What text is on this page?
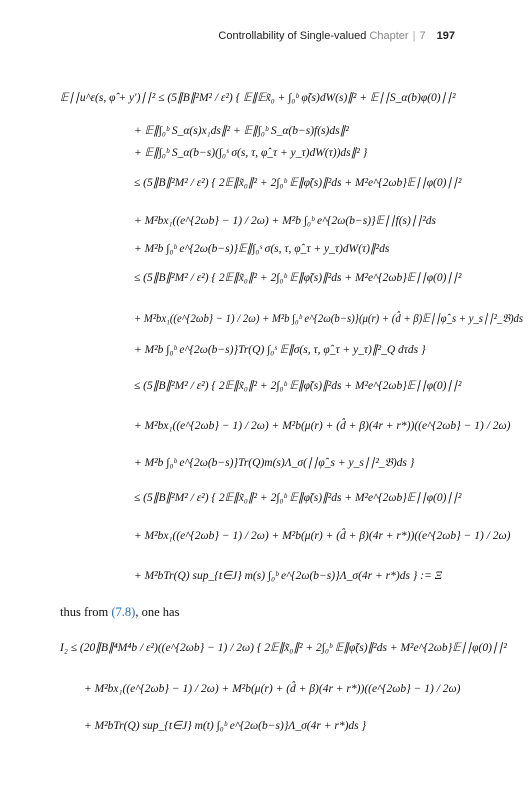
Controllability of Single-valued Chapter | 7 197
𝔼∣∣u^ε(s, φ̂ + y′)∣∣² ≤ (5∥B∥²M² / ε²) { 𝔼∥𝔼x̃₀ + ∫₀ᵇ φ̃(s)dW(s)∥² + 𝔼∣∣S_α(b)φ(0)∣∣²
+ 𝔼∥∫₀ᵇ S_α(s)x₁ds∥² + 𝔼∥∫₀ᵇ S_α(b−s)f(s)ds∥²
+ 𝔼∥∫₀ᵇ S_α(b−s)(∫₀ˢ σ(s, τ, φ̂_τ + y_τ)dW(τ))ds∥² }
≤ (5∥B∥²M² / ε²) { 2𝔼∥x̃₀∥² + 2∫₀ᵇ 𝔼∥φ̃(s)∥²ds + M²e^{2ωb}𝔼∣∣φ(0)∣∣²
+ M²bx₁((e^{2ωb} − 1) / 2ω) + M²b ∫₀ᵇ e^{2ω(b−s)}𝔼∣∣f(s)∣∣²ds
+ M²b ∫₀ᵇ e^{2ω(b−s)}𝔼∥∫₀ˢ σ(s, τ, φ̂_τ + y_τ)dW(τ)∥²ds
≤ (5∥B∥²M² / ε²) { 2𝔼∥x̃₀∥² + 2∫₀ᵇ 𝔼∥φ̃(s)∥²ds + M²e^{2ωb}𝔼∣∣φ(0)∣∣²
+ M²bx₁((e^{2ωb} − 1) / 2ω) + M²b ∫₀ᵇ e^{2ω(b−s)}(μ(r) + (d̂ + β)𝔼∣∣φ̂_s + y_s∣∣²_𝔅)ds
+ M²b ∫₀ᵇ e^{2ω(b−s)}Tr(Q) ∫₀ˢ 𝔼∥σ(s, τ, φ̂_τ + y_τ)∥²_Q dτds }
≤ (5∥B∥²M² / ε²) { 2𝔼∥x̃₀∥² + 2∫₀ᵇ 𝔼∥φ̃(s)∥²ds + M²e^{2ωb}𝔼∣∣φ(0)∣∣²
+ M²bx₁((e^{2ωb} − 1) / 2ω) + M²b(μ(r) + (d̂ + β)(4r + r*))((e^{2ωb} − 1) / 2ω)
+ M²b ∫₀ᵇ e^{2ω(b−s)}Tr(Q)m(s)Λ_σ(∣∣φ̂_s + y_s∣∣²_𝔅)ds }
≤ (5∥B∥²M² / ε²) { 2𝔼∥x̃₀∥² + 2∫₀ᵇ 𝔼∥φ̃(s)∥²ds + M²e^{2ωb}𝔼∣∣φ(0)∣∣²
+ M²bx₁((e^{2ωb} − 1) / 2ω) + M²b(μ(r) + (d̂ + β)(4r + r*))((e^{2ωb} − 1) / 2ω)
+ M²bTr(Q) sup_{t∈J} m(s) ∫₀ᵇ e^{2ω(b−s)}Λ_σ(4r + r*)ds } := Ξ
thus from (7.8), one has
I₂ ≤ (20∥B∥⁴M⁴b / ε²)((e^{2ωb} − 1) / 2ω) { 2𝔼∥x̃₀∥² + 2∫₀ᵇ 𝔼∥φ̃(s)∥²ds + M²e^{2ωb}𝔼∣∣φ(0)∣∣²
+ M²bx₁((e^{2ωb} − 1) / 2ω) + M²b(μ(r) + (d̂ + β)(4r + r*))((e^{2ωb} − 1) / 2ω)
+ M²bTr(Q) sup_{t∈J} m(t) ∫₀ᵇ e^{2ω(b−s)}Λ_σ(4r + r*)ds }
